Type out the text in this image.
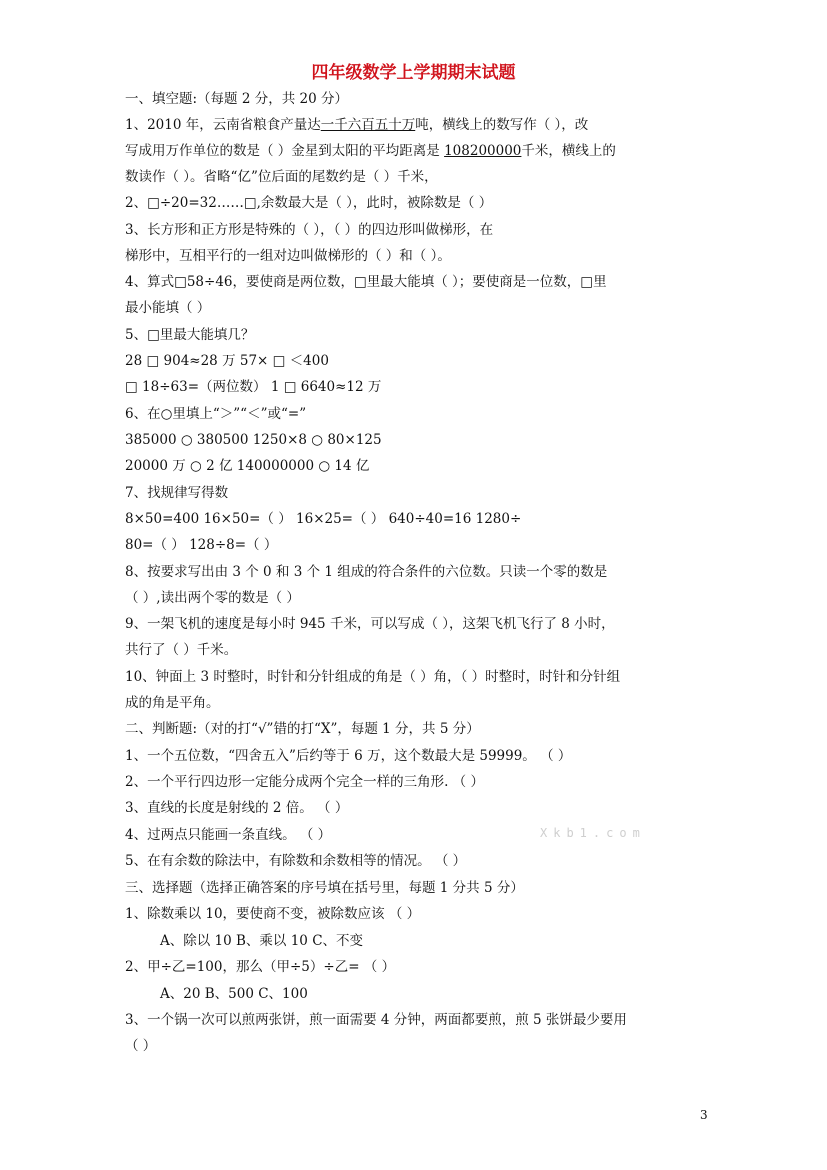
四年级数学上学期期末试题
一、填空题:（每题 2 分，共 20 分）
1、2010 年，云南省粮食产量达一千六百五十万吨，横线上的数写作（ ），改
写成用万作单位的数是（ ）金星到太阳的平均距离是 108200000千米，横线上的
数读作（ ）。省略“亿”位后面的尾数约是（ ）千米，
2、□÷20=32……□,余数最大是（ ），此时，被除数是（ ）
3、长方形和正方形是特殊的（ ），（ ）的四边形叫做梯形，在
梯形中，互相平行的一组对边叫做梯形的（ ）和（ ）。
4、算式□58÷46，要使商是两位数，□里最大能填（ ）；要使商是一位数，□里
最小能填（ ）
5、□里最大能填几？
28 □ 904≈28 万 57× □ ＜400
□ 18÷63=（两位数） 1 □ 6640≈12 万
6、在○里填上“＞”“＜”或“=”
385000 ○ 380500 1250×8 ○ 80×125
20000 万 ○ 2 亿 140000000 ○ 14 亿
7、找规律写得数
8×50=400 16×50=（ ） 16×25=（ ） 640÷40=16 1280÷
80=（ ） 128÷8=（ ）
8、按要求写出由 3 个 0 和 3 个 1 组成的符合条件的六位数。只读一个零的数是
（ ）,读出两个零的数是（ ）
9、一架飞机的速度是每小时 945 千米，可以写成（ ），这架飞机飞行了 8 小时，
共行了（ ）千米。
10、钟面上 3 时整时，时针和分针组成的角是（ ）角，（ ）时整时，时针和分针组
成的角是平角。
二、判断题:（对的打“√”错的打“X”，每题 1 分，共 5 分）
1、一个五位数，“四舍五入”后约等于 6 万，这个数最大是 59999。 （ ）
2、一个平行四边形一定能分成两个完全一样的三角形. （ ）
3、直线的长度是射线的 2 倍。 （ ）
4、过两点只能画一条直线。 （ ）
5、在有余数的除法中，有除数和余数相等的情况。 （ ）
Xkb1.com
三、选择题（选择正确答案的序号填在括号里，每题 1 分共 5 分）
1、除数乘以 10，要使商不变，被除数应该 （ ）
A、除以 10 B、乘以 10 C、不变
2、甲÷乙=100，那么（甲÷5）÷乙= （ ）
A、20 B、500 C、100
3、一个锅一次可以煎两张饼，煎一面需要 4 分钟，两面都要煎，煎 5 张饼最少要用
（ ）
3
